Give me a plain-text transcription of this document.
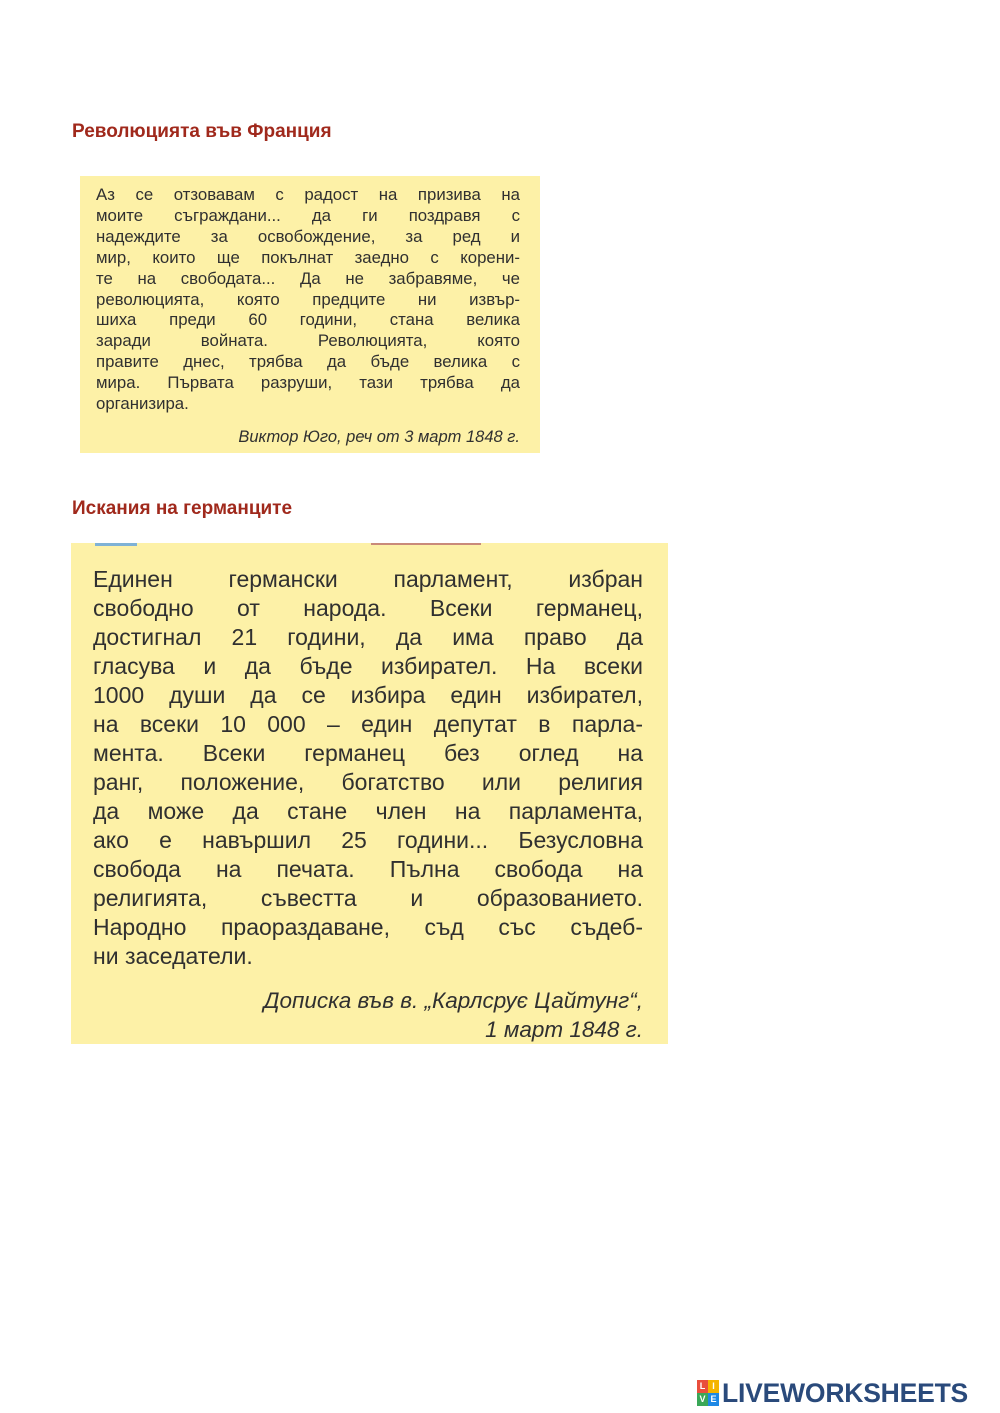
Революцията във Франция
Аз се отзовавам с радост на призива на
моите съграждани... да ги поздравя с
надеждите за освобождение, за ред и
мир, които ще покълнат заедно с корени-
те на свободата... Да не забравяме, че
революцията, която предците ни извър-
шиха преди 60 години, стана велика
заради войната. Революцията, която
правите днес, трябва да бъде велика с
мира. Първата разруши, тази трябва да
организира.
Виктор Юго, реч от 3 март 1848 г.
Искания на германците
Единен германски парламент, избран
свободно от народа. Всеки германец,
достигнал 21 години, да има право да
гласува и да бъде избирател. На всеки
1000 души да се избира един избирател,
на всеки 10 000 – един депутат в парла-
мента. Всеки германец без оглед на
ранг, положение, богатство или религия
да може да стане член на парламента,
ако е навършил 25 години... Безусловна
свобода на печата. Пълна свобода на
религията, съвестта и образованието.
Народно праораздаване, съд със съдеб-
ни заседатели.
Дописка във в. „Карлсрує Цайтунг“,
1 март 1848 г.
L I
V E LIVEWORKSHEETS
